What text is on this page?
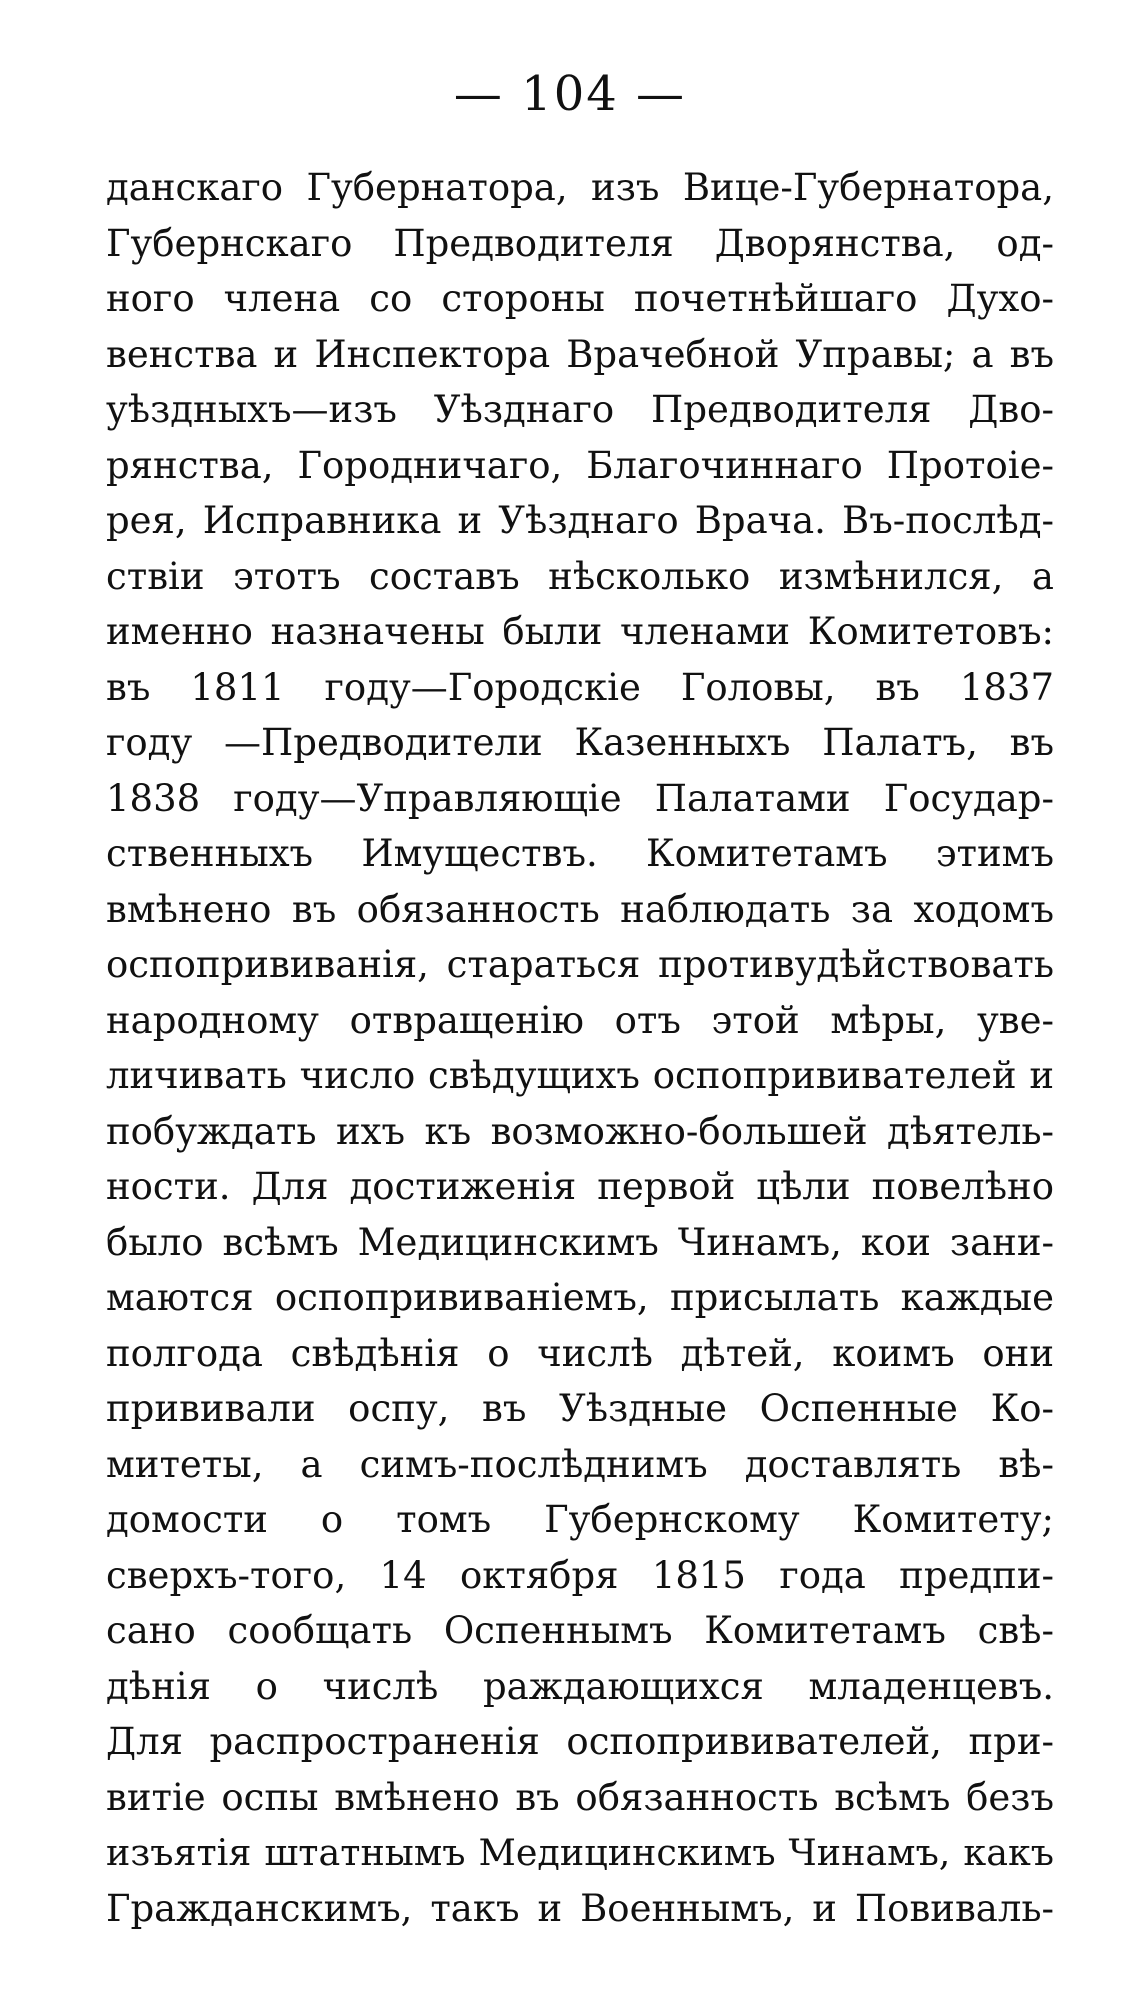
— 104 —
данскаго Губернатора, изъ Вице-Губернатора,
Губернскаго Предводителя Дворянства, од-
ного члена со стороны почетнѣйшаго Духо-
венства и Инспектора Врачебной Управы; а въ
уѣздныхъ—изъ Уѣзднаго Предводителя Дво-
рянства, Городничаго, Благочиннаго Протоіе-
рея, Исправника и Уѣзднаго Врача. Въ-послѣд-
ствіи этотъ составъ нѣсколько измѣнился, а
именно назначены были членами Комитетовъ:
въ 1811 году—Городскіе Головы, въ 1837
году —Предводители Казенныхъ Палатъ, въ
1838 году—Управляющіе Палатами Государ-
ственныхъ Имуществъ. Комитетамъ этимъ
вмѣнено въ обязанность наблюдать за ходомъ
оспопрививанія, стараться противудѣйствовать
народному отвращенію отъ этой мѣры, уве-
личивать число свѣдущихъ оспопрививателей и
побуждать ихъ къ возможно-большей дѣятель-
ности. Для достиженія первой цѣли повелѣно
было всѣмъ Медицинскимъ Чинамъ, кои зани-
маются оспопрививаніемъ, присылать каждые
полгода свѣдѣнія о числѣ дѣтей, коимъ они
прививали оспу, въ Уѣздные Оспенные Ко-
митеты, а симъ-послѣднимъ доставлять вѣ-
домости о томъ Губернскому Комитету;
сверхъ-того, 14 октября 1815 года предпи-
сано сообщать Оспеннымъ Комитетамъ свѣ-
дѣнія о числѣ раждающихся младенцевъ.
Для распространенія оспопрививателей, при-
витіе оспы вмѣнено въ обязанность всѣмъ безъ
изъятія штатнымъ Медицинскимъ Чинамъ, какъ
Гражданскимъ, такъ и Военнымъ, и Повиваль-
